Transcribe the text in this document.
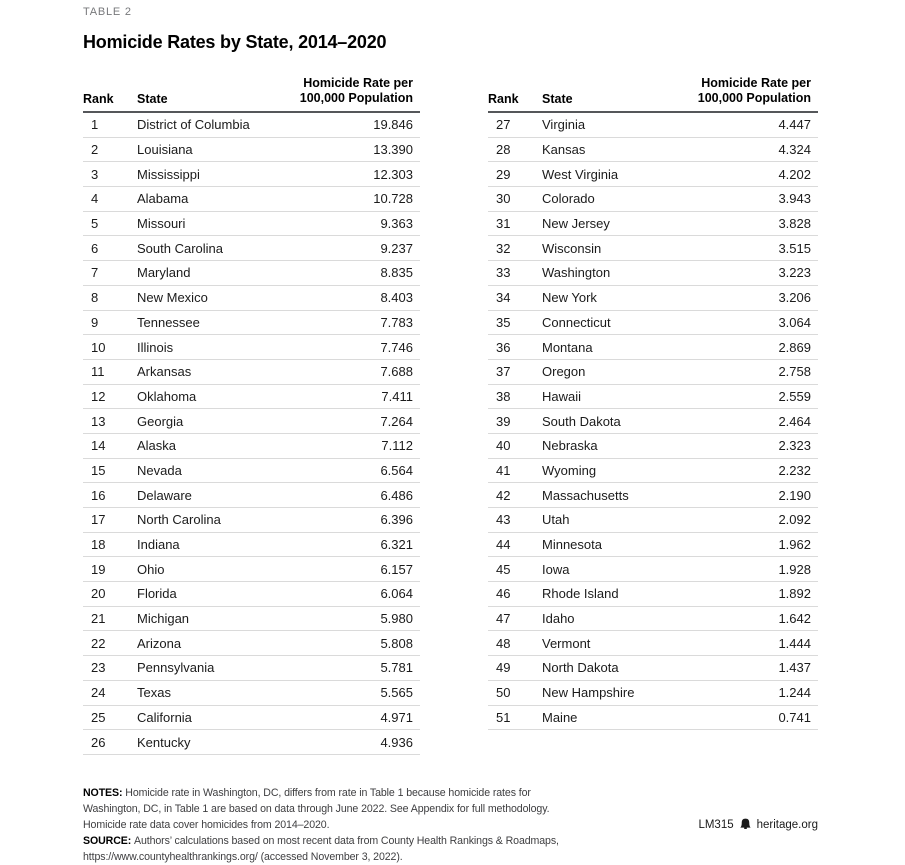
TABLE 2
Homicide Rates by State, 2014–2020
Rank	State
Homicide Rate per
100,000 Population
1	District of Columbia	19.846
2	Louisiana	13.390
3	Mississippi	12.303
4	Alabama	10.728
5	Missouri	9.363
6	South Carolina	9.237
7	Maryland	8.835
8	New Mexico	8.403
9	Tennessee	7.783
10	Illinois	7.746
11	Arkansas	7.688
12	Oklahoma	7.411
13	Georgia	7.264
14	Alaska	7.112
15	Nevada	6.564
16	Delaware	6.486
17	North Carolina	6.396
18	Indiana	6.321
19	Ohio	6.157
20	Florida	6.064
21	Michigan	5.980
22	Arizona	5.808
23	Pennsylvania	5.781
24	Texas	5.565
25	California	4.971
26	Kentucky	4.936
Rank	State
Homicide Rate per
100,000 Population
27	Virginia	4.447
28	Kansas	4.324
29	West Virginia	4.202
30	Colorado	3.943
31	New Jersey	3.828
32	Wisconsin	3.515
33	Washington	3.223
34	New York	3.206
35	Connecticut	3.064
36	Montana	2.869
37	Oregon	2.758
38	Hawaii	2.559
39	South Dakota	2.464
40	Nebraska	2.323
41	Wyoming	2.232
42	Massachusetts	2.190
43	Utah	2.092
44	Minnesota	1.962
45	Iowa	1.928
46	Rhode Island	1.892
47	Idaho	1.642
48	Vermont	1.444
49	North Dakota	1.437
50	New Hampshire	1.244
51	Maine	0.741
NOTES: Homicide rate in Washington, DC, differs from rate in Table 1 because homicide rates for
Washington, DC, in Table 1 are based on data through June 2022. See Appendix for full methodology.
Homicide rate data cover homicides from 2014–2020.
SOURCE: Authors’ calculations based on most recent data from County Health Rankings & Roadmaps,
https://www.countyhealthrankings.org/ (accessed November 3, 2022).
LM315 heritage.org
